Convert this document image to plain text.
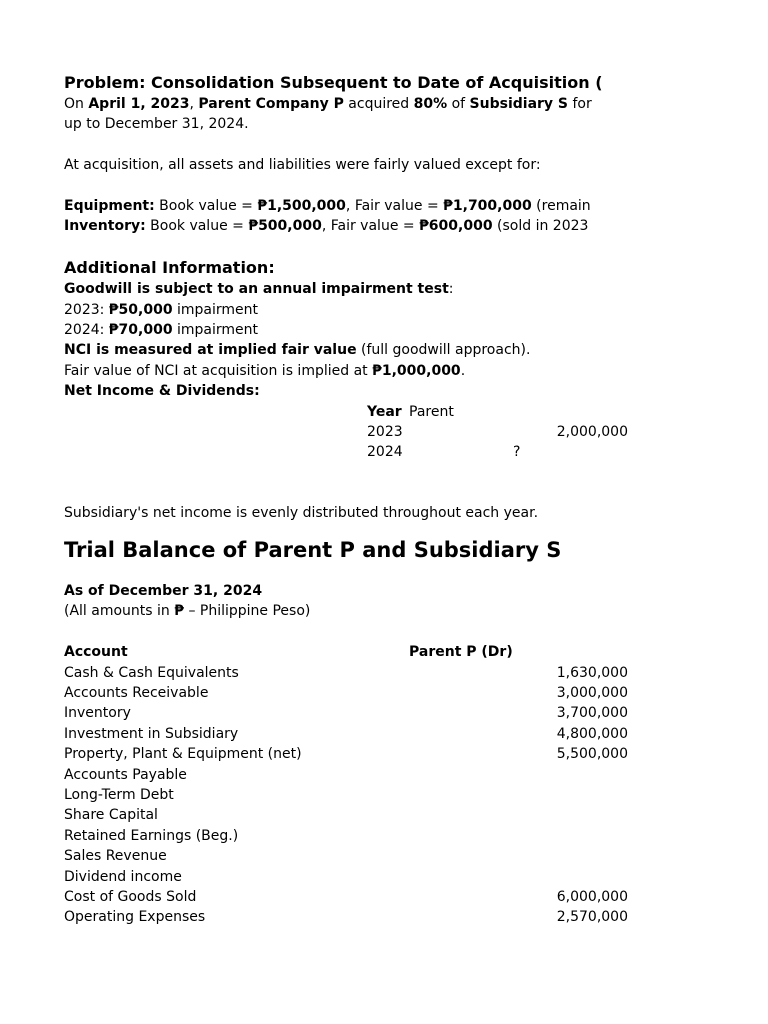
Problem: Consolidation Subsequent to Date of Acquisition (
On April 1, 2023, Parent Company P acquired 80% of Subsidiary S for
up to December 31, 2024.
At acquisition, all assets and liabilities were fairly valued except for:
Equipment: Book value = ₱1,500,000, Fair value = ₱1,700,000 (remain
Inventory: Book value = ₱500,000, Fair value = ₱600,000 (sold in 2023
Additional Information:
Goodwill is subject to an annual impairment test:
2023: ₱50,000 impairment
2024: ₱70,000 impairment
NCI is measured at implied fair value (full goodwill approach).
Fair value of NCI at acquisition is implied at ₱1,000,000.
Net Income & Dividends:
Year Parent
2023	2,000,000
2024	?
Subsidiary's net income is evenly distributed throughout each year.
Trial Balance of Parent P and Subsidiary S
As of December 31, 2024
(All amounts in ₱ – Philippine Peso)
Account	Parent P (Dr)
Cash & Cash Equivalents	1,630,000
Accounts Receivable	3,000,000
Inventory	3,700,000
Investment in Subsidiary	4,800,000
Property, Plant & Equipment (net)	5,500,000
Accounts Payable
Long-Term Debt
Share Capital
Retained Earnings (Beg.)
Sales Revenue
Dividend income
Cost of Goods Sold	6,000,000
Operating Expenses	2,570,000
